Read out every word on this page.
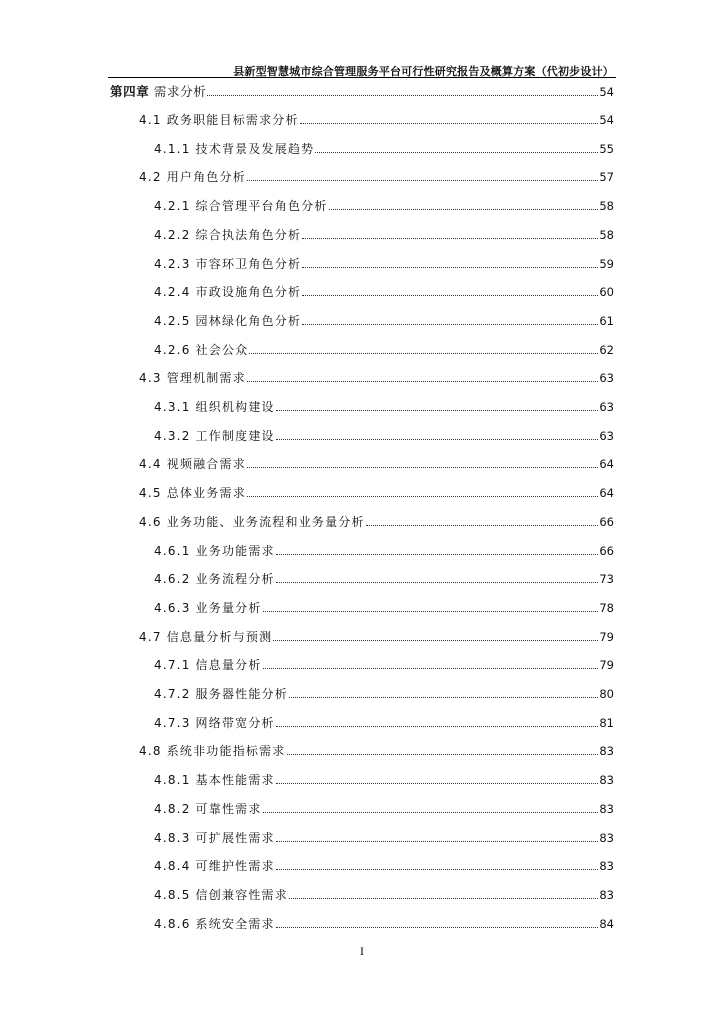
县新型智慧城市综合管理服务平台可行性研究报告及概算方案（代初步设计）
第四章 需求分析	54
4.1 政务职能目标需求分析	54
4.1.1 技术背景及发展趋势	55
4.2 用户角色分析	57
4.2.1 综合管理平台角色分析	58
4.2.2 综合执法角色分析	58
4.2.3 市容环卫角色分析	59
4.2.4 市政设施角色分析	60
4.2.5 园林绿化角色分析	61
4.2.6 社会公众	62
4.3 管理机制需求	63
4.3.1 组织机构建设	63
4.3.2 工作制度建设	63
4.4 视频融合需求	64
4.5 总体业务需求	64
4.6 业务功能、业务流程和业务量分析	66
4.6.1 业务功能需求	66
4.6.2 业务流程分析	73
4.6.3 业务量分析	78
4.7 信息量分析与预测	79
4.7.1 信息量分析	79
4.7.2 服务器性能分析	80
4.7.3 网络带宽分析	81
4.8 系统非功能指标需求	83
4.8.1 基本性能需求	83
4.8.2 可靠性需求	83
4.8.3 可扩展性需求	83
4.8.4 可维护性需求	83
4.8.5 信创兼容性需求	83
4.8.6 系统安全需求	84
I
